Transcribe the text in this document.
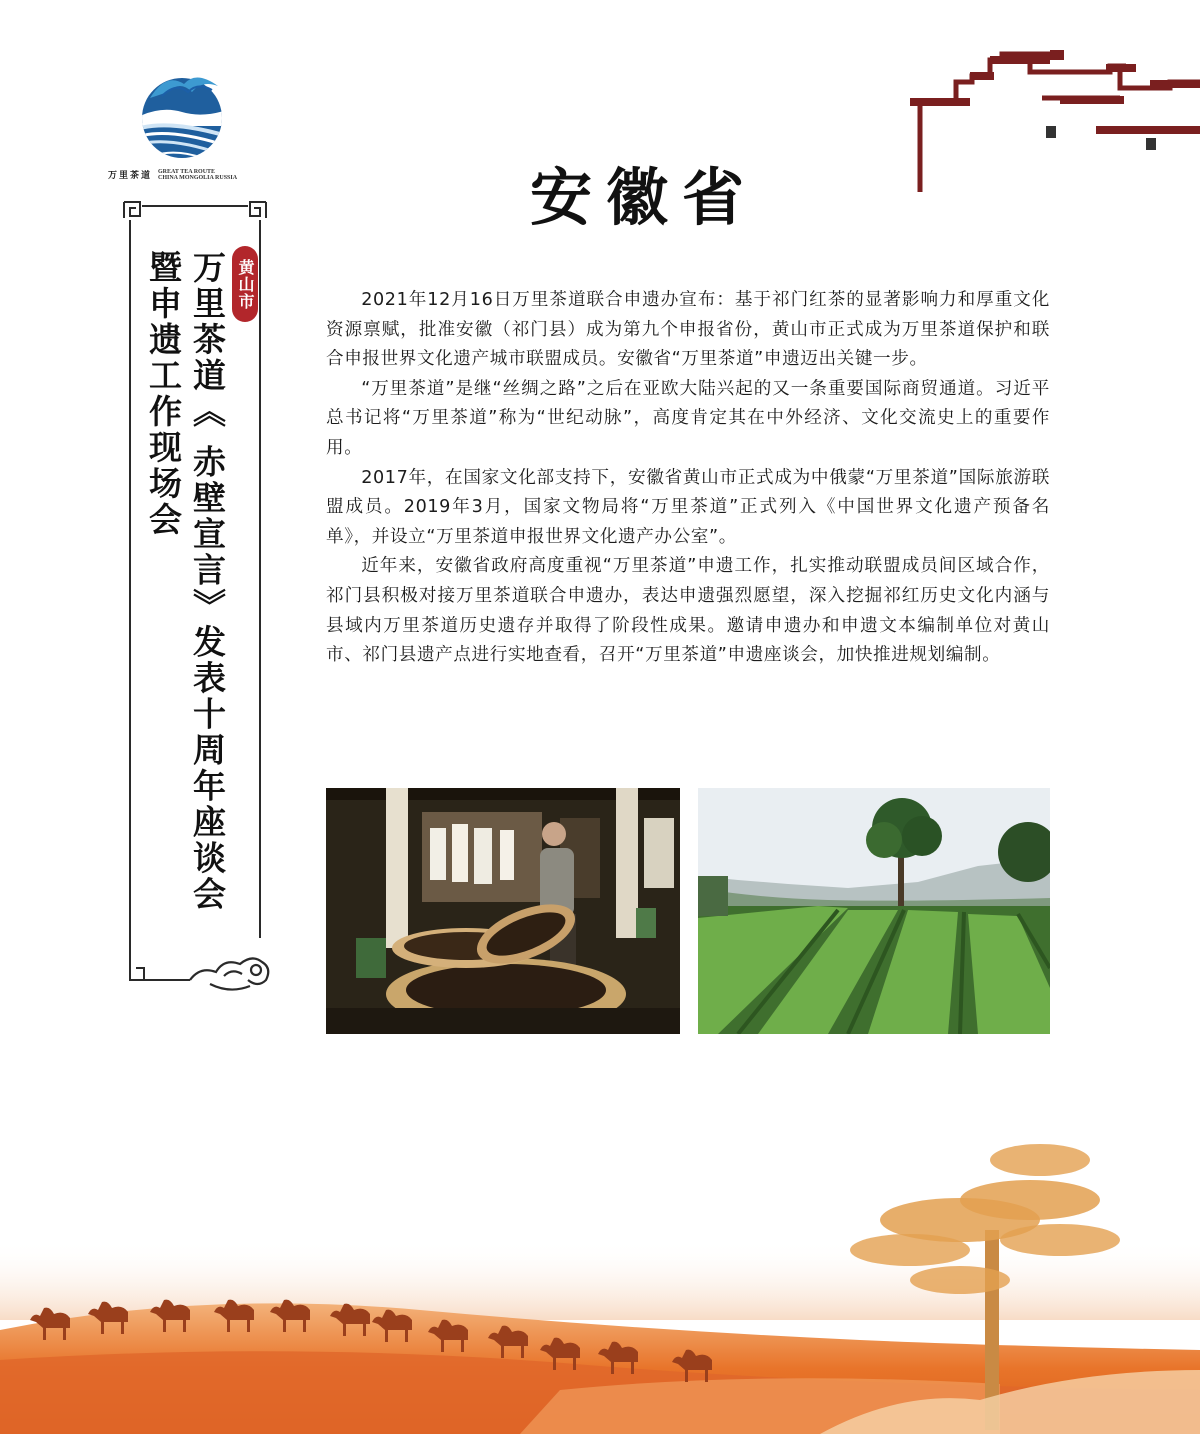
万里茶道 GREAT TEA ROUTE
CHINA MONGOLIA RUSSIA
黄山市
万里茶道《 赤壁宣言》发表十周年座谈会
暨申遗工作现场会
安徽省

2021年12月16日万里茶道联合申遗办宣布：基于祁门红茶的显著影响力和厚重文化资源禀赋，批准安徽（祁门县）成为第九个申报省份，黄山市正式成为万里茶道保护和联合申报世界文化遗产城市联盟成员。安徽省“万里茶道”申遗迈出关键一步。

“万里茶道”是继“丝绸之路”之后在亚欧大陆兴起的又一条重要国际商贸通道。习近平总书记将“万里茶道”称为“世纪动脉”，高度肯定其在中外经济、文化交流史上的重要作用。

2017年，在国家文化部支持下，安徽省黄山市正式成为中俄蒙“万里茶道”国际旅游联盟成员。2019年3月，国家文物局将“万里茶道”正式列入《中国世界文化遗产预备名单》，并设立“万里茶道申报世界文化遗产办公室”。

近年来，安徽省政府高度重视“万里茶道”申遗工作，扎实推动联盟成员间区域合作，祁门县积极对接万里茶道联合申遗办，表达申遗强烈愿望，深入挖掘祁红历史文化内涵与县域内万里茶道历史遗存并取得了阶段性成果。邀请申遗办和申遗文本编制单位对黄山市、祁门县遗产点进行实地查看，召开“万里茶道”申遗座谈会，加快推进规划编制。
